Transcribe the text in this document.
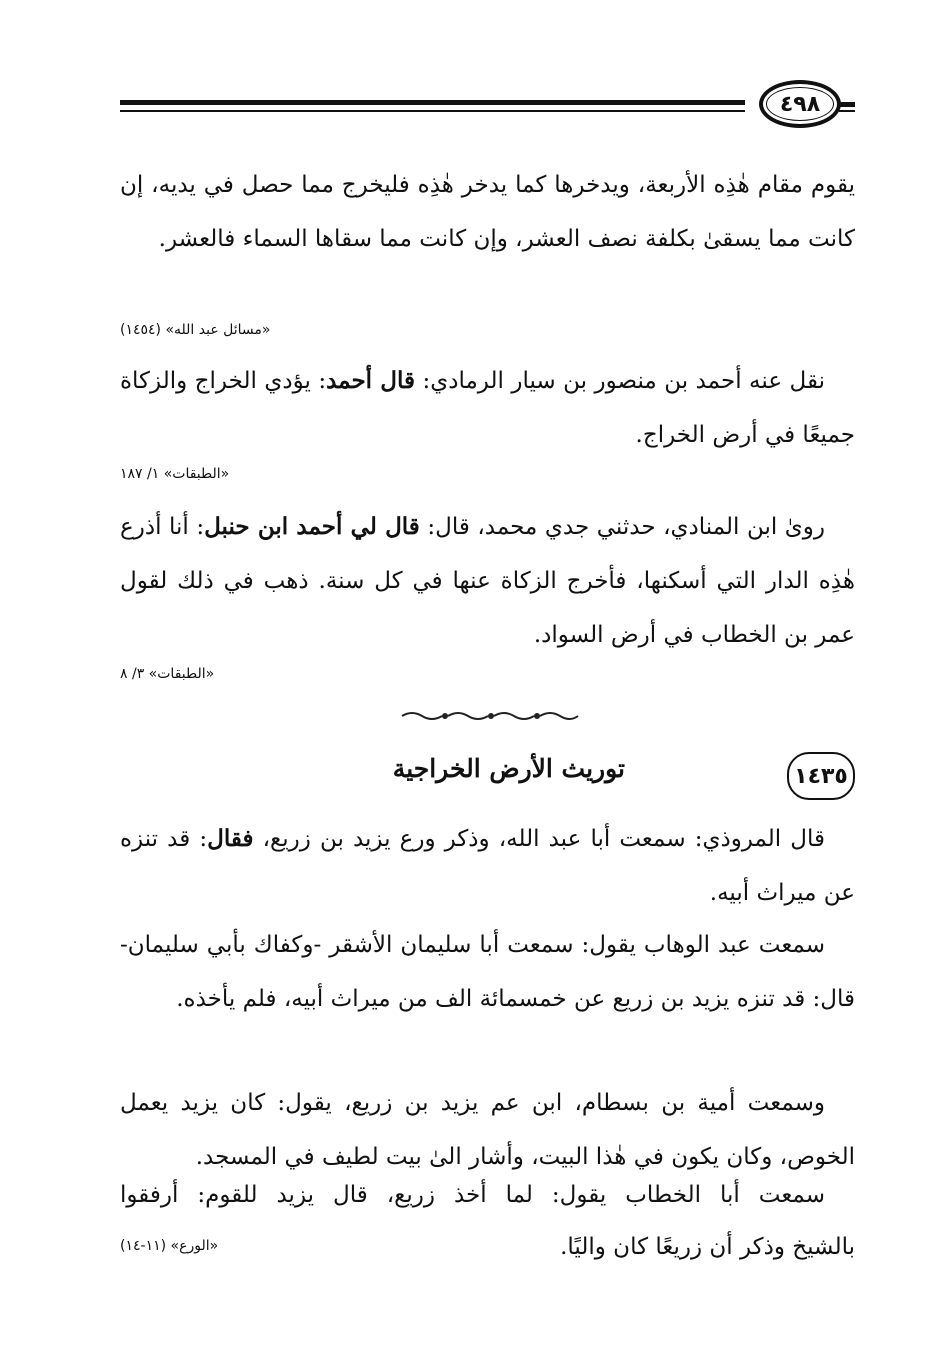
٤٩٨

يقوم مقام هٰذِه الأربعة، ويدخرها كما يدخر هٰذِه فليخرج مما حصل في يديه، إن كانت مما يسقىٰ بكلفة نصف العشر، وإن كانت مما سقاها السماء فالعشر.

«مسائل عبد الله» (١٤٥٤)

نقل عنه أحمد بن منصور بن سيار الرمادي: قال أحمد: يؤدي الخراج والزكاة جميعًا في أرض الخراج.

«الطبقات» ١/ ١٨٧

روىٰ ابن المنادي، حدثني جدي محمد، قال: قال لي أحمد ابن حنبل: أنا أذرع هٰذِه الدار التي أسكنها، فأخرج الزكاة عنها في كل سنة. ذهب في ذلك لقول عمر بن الخطاب في أرض السواد.

«الطبقات» ٣/ ٨
١٤٣٥
توريث الأرض الخراجية

قال المروذي: سمعت أبا عبد الله، وذكر ورع يزيد بن زريع، فقال: قد تنزه عن ميراث أبيه.

سمعت عبد الوهاب يقول: سمعت أبا سليمان الأشقر -وكفاك بأبي سليمان- قال: قد تنزه يزيد بن زريع عن خمسمائة الف من ميراث أبيه، فلم يأخذه.

وسمعت أمية بن بسطام، ابن عم يزيد بن زريع، يقول: كان يزيد يعمل الخوص، وكان يكون في هٰذا البيت، وأشار الىٰ بيت لطيف في المسجد.

سمعت أبا الخطاب يقول: لما أخذ زريع، قال يزيد للقوم: أرفقوا

بالشيخ وذكر أن زريعًا كان واليًا.
«الورع» (١١-١٤)
